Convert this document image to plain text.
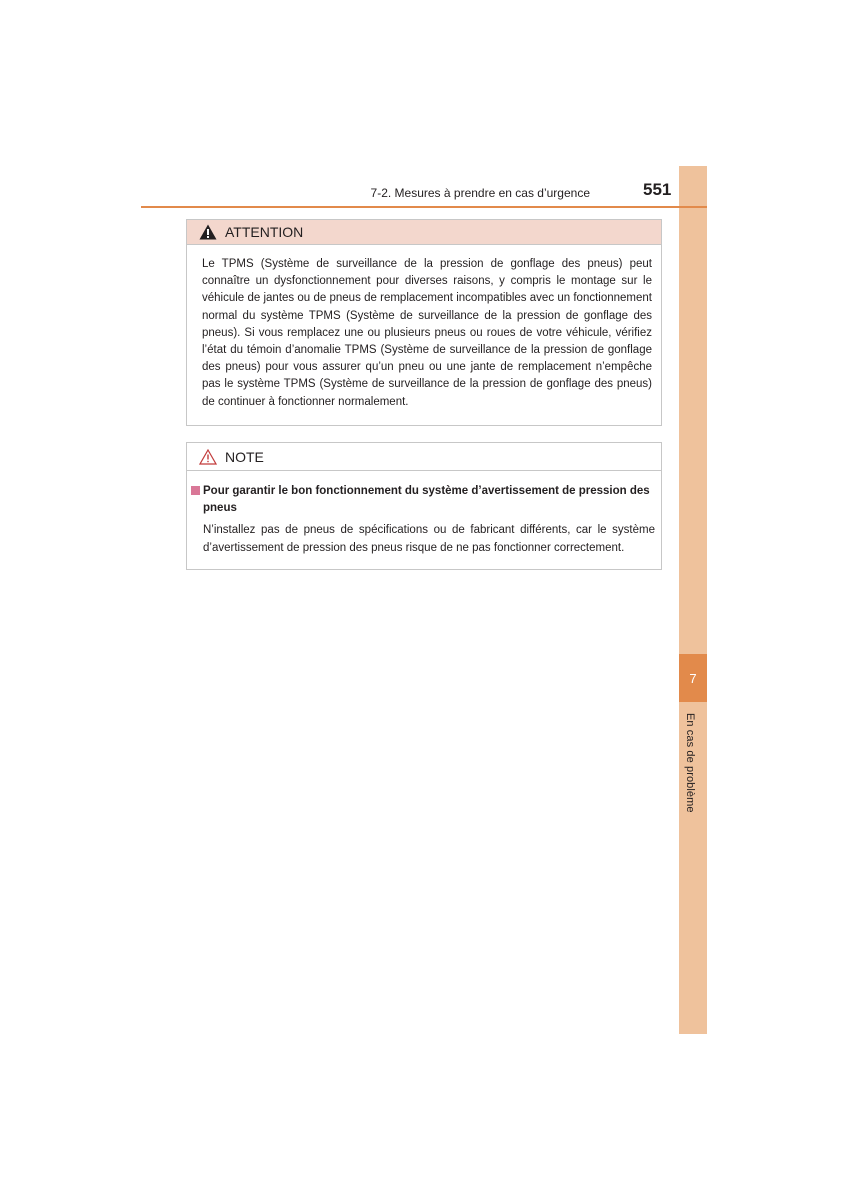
7
En cas de problème
7-2. Mesures à prendre en cas d’urgence	551
ATTENTION
Le TPMS (Système de surveillance de la pression de gonflage des pneus) peut connaître un dysfonctionnement pour diverses raisons, y compris le montage sur le véhicule de jantes ou de pneus de remplacement incompatibles avec un fonctionnement normal du système TPMS (Système de surveillance de la pression de gonflage des pneus). Si vous remplacez une ou plusieurs pneus ou roues de votre véhicule, vérifiez l’état du témoin d’anomalie TPMS (Système de surveillance de la pression de gonflage des pneus) pour vous assurer qu’un pneu ou une jante de remplacement n’empêche pas le système TPMS (Système de surveillance de la pression de gonflage des pneus) de continuer à fonctionner normalement.
NOTE
Pour garantir le bon fonctionnement du système d’avertissement de pression des pneus
N’installez pas de pneus de spécifications ou de fabricant différents, car le système d’avertissement de pression des pneus risque de ne pas fonctionner correctement.
